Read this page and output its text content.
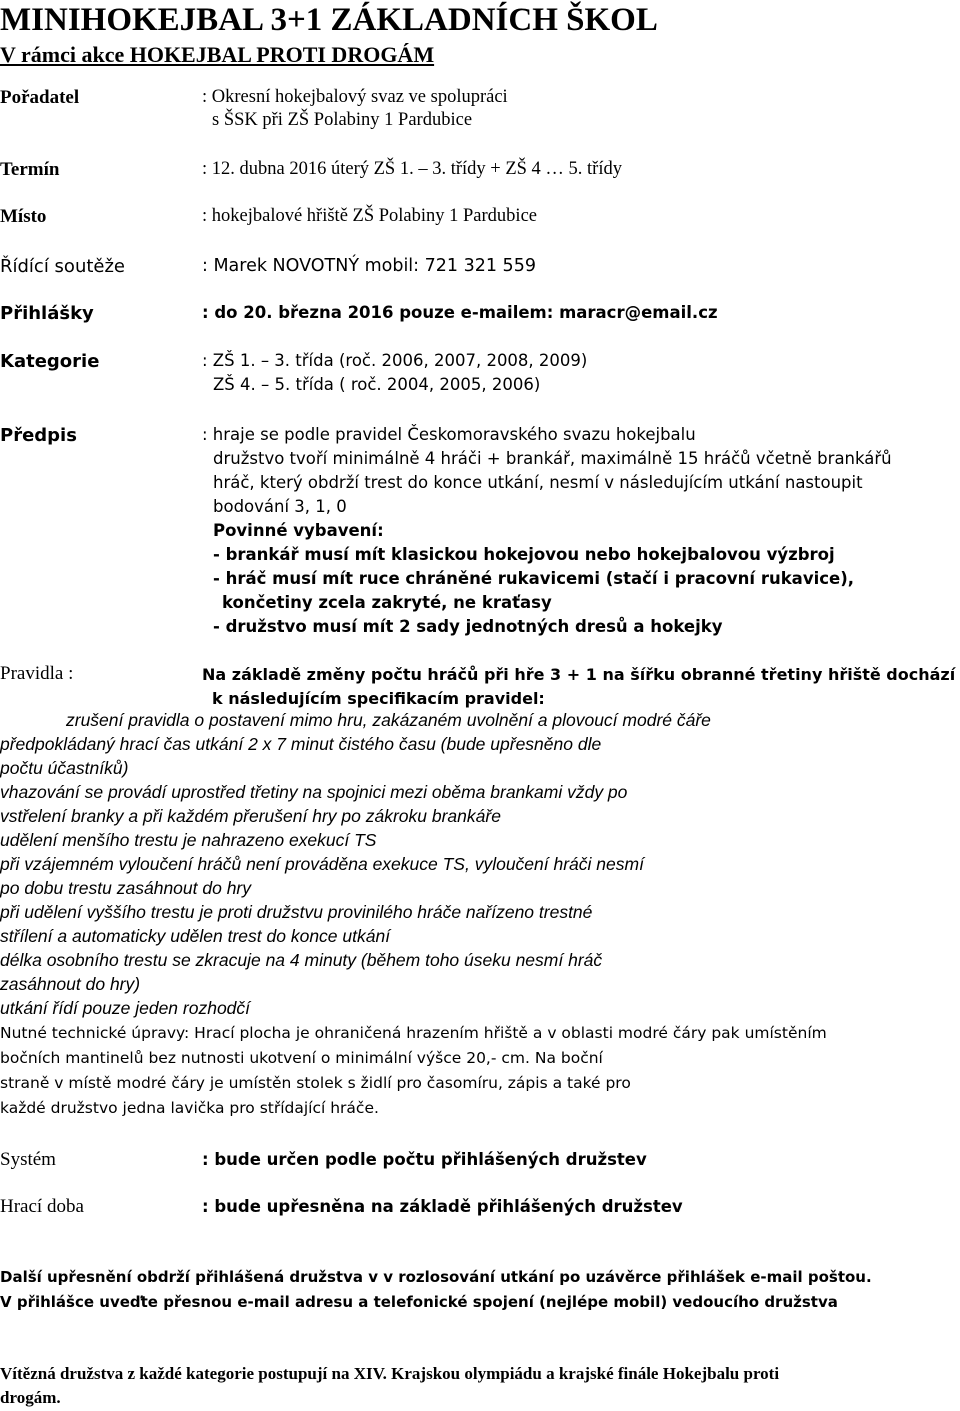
MINIHOKEJBAL 3+1 ZÁKLADNÍCH ŠKOL
V rámci akce HOKEJBAL PROTI DROGÁM
Pořadatel	: Okresní hokejbalový svaz ve spolupráci
s ŠSK při ZŠ Polabiny 1 Pardubice
Termín	: 12. dubna 2016 úterý ZŠ 1. – 3. třídy + ZŠ 4 … 5. třídy
Místo	: hokejbalové hřiště ZŠ Polabiny 1 Pardubice
Řídící soutěže	: Marek NOVOTNÝ mobil: 721 321 559
Přihlášky	: do 20. března 2016 pouze e-mailem: maracr@email.cz
Kategorie	: ZŠ 1. – 3. třída (roč. 2006, 2007, 2008, 2009)
ZŠ 4. – 5. třída ( roč. 2004, 2005, 2006)
Předpis	: hraje se podle pravidel Českomoravského svazu hokejbalu
družstvo tvoří minimálně 4 hráči + brankář, maximálně 15 hráčů včetně brankářů
hráč, který obdrží trest do konce utkání, nesmí v následujícím utkání nastoupit
bodování 3, 1, 0
Povinné vybavení:
- brankář musí mít klasickou hokejovou nebo hokejbalovou výzbroj
- hráč musí mít ruce chráněné rukavicemi (stačí i pracovní rukavice),
končetiny zcela zakryté, ne kraťasy
- družstvo musí mít 2 sady jednotných dresů a hokejky
Pravidla :	Na základě změny počtu hráčů při hře 3 + 1 na šířku obranné třetiny hřiště dochází
k následujícím specifikacím pravidel:
zrušení pravidla o postavení mimo hru, zakázaném uvolnění a plovoucí modré čáře
předpokládaný hrací čas utkání 2 x 7 minut čistého času (bude upřesněno dle
počtu účastníků)
vhazování se provádí uprostřed třetiny na spojnici mezi oběma brankami vždy po
vstřelení branky a při každém přerušení hry po zákroku brankáře
udělení menšího trestu je nahrazeno exekucí TS
při vzájemném vyloučení hráčů není prováděna exekuce TS, vyloučení hráči nesmí
po dobu trestu zasáhnout do hry
při udělení vyššího trestu je proti družstvu provinilého hráče nařízeno trestné
střílení a automaticky udělen trest do konce utkání
délka osobního trestu se zkracuje na 4 minuty (během toho úseku nesmí hráč
zasáhnout do hry)
utkání řídí pouze jeden rozhodčí
Nutné technické úpravy: Hrací plocha je ohraničená hrazením hřiště a v oblasti modré čáry pak umístěním
bočních mantinelů bez nutnosti ukotvení o minimální výšce 20,- cm. Na boční
straně v místě modré čáry je umístěn stolek s židlí pro časomíru, zápis a také pro
každé družstvo jedna lavička pro střídající hráče.
Systém	: bude určen podle počtu přihlášených družstev
Hrací doba	: bude upřesněna na základě přihlášených družstev
Další upřesnění obdrží přihlášená družstva v v rozlosování utkání po uzávěrce přihlášek e-mail poštou.
V přihlášce uveďte přesnou e-mail adresu a telefonické spojení (nejlépe mobil) vedoucího družstva
Vítězná družstva z každé kategorie postupují na XIV. Krajskou olympiádu a krajské finále Hokejbalu proti
drogám.
